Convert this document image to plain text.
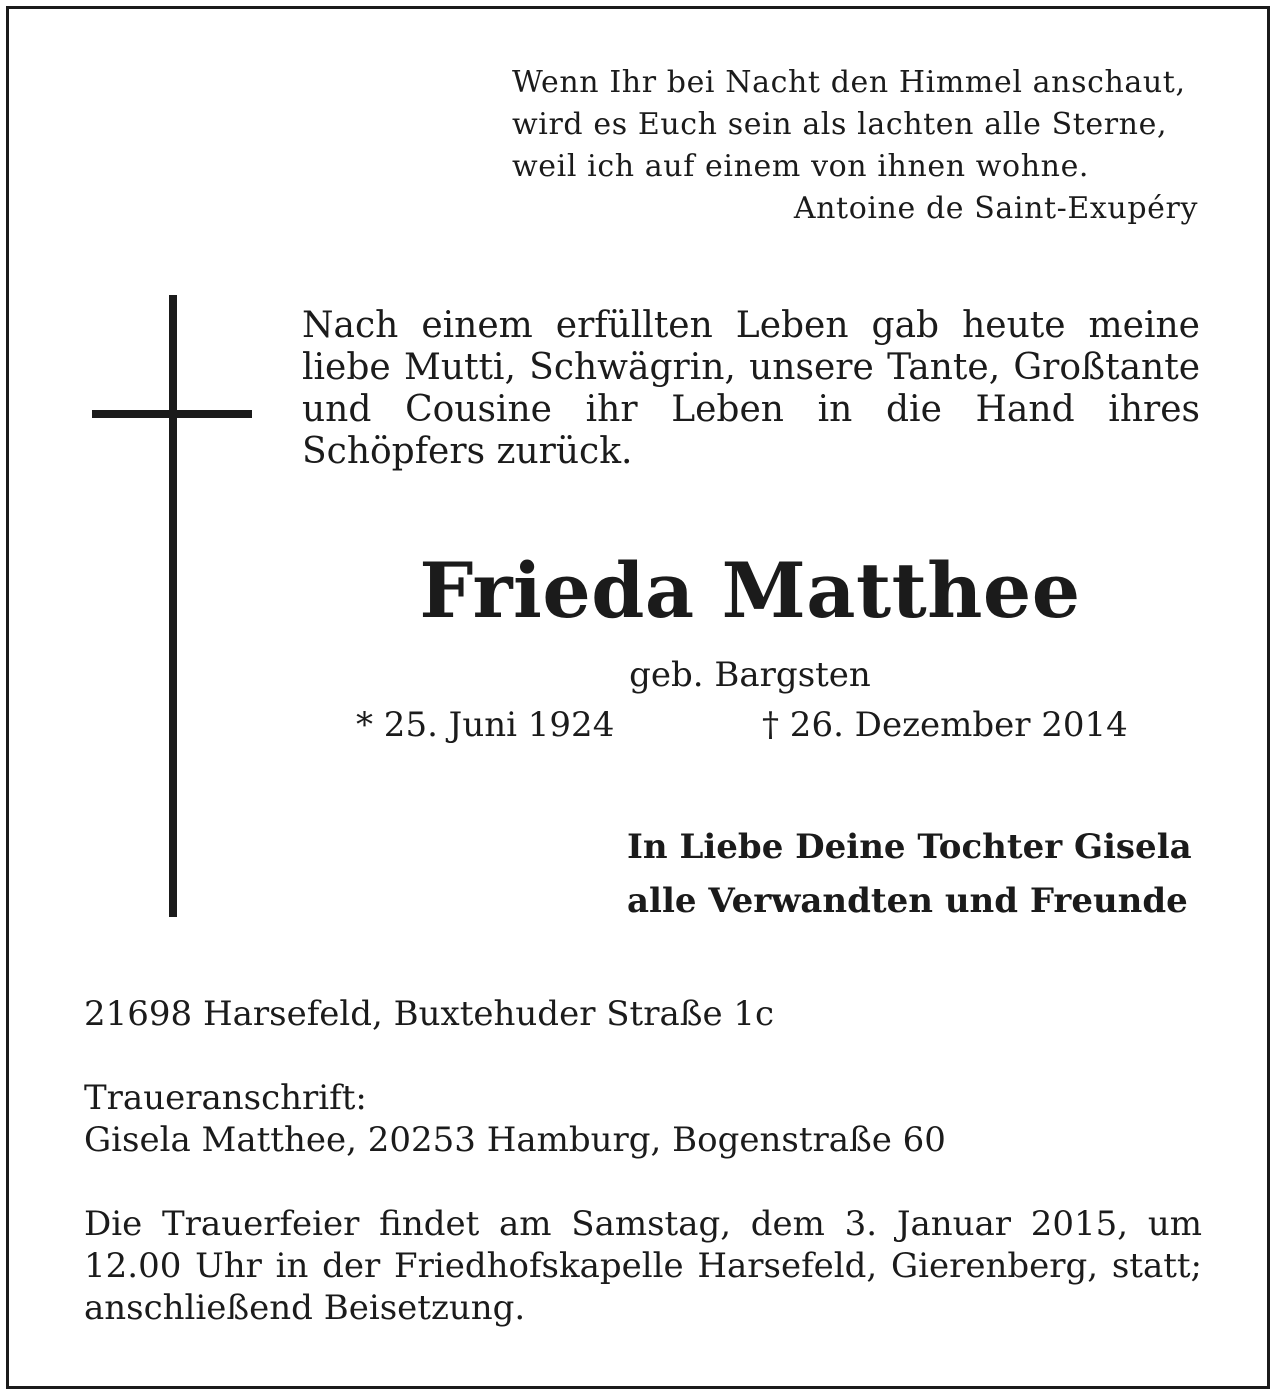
Wenn Ihr bei Nacht den Himmel anschaut,
wird es Euch sein als lachten alle Sterne,
weil ich auf einem von ihnen wohne.
Antoine de Saint-Exupéry
Nach einem erfüllten Leben gab heute meine liebe Mutti, Schwägrin, unsere Tante, Großtante und Cousine ihr Leben in die Hand ihres Schöpfers zurück.
Frieda Matthee
geb. Bargsten
* 25. Juni 1924	† 26. Dezember 2014
In Liebe Deine Tochter Gisela
alle Verwandten und Freunde
21698 Harsefeld, Buxtehuder Straße 1c
Traueranschrift:
Gisela Matthee, 20253 Hamburg, Bogenstraße 60
Die Trauerfeier findet am Samstag, dem 3. Januar 2015, um 12.00 Uhr in der Friedhofskapelle Harsefeld, Gierenberg, statt; anschließend Beisetzung.
